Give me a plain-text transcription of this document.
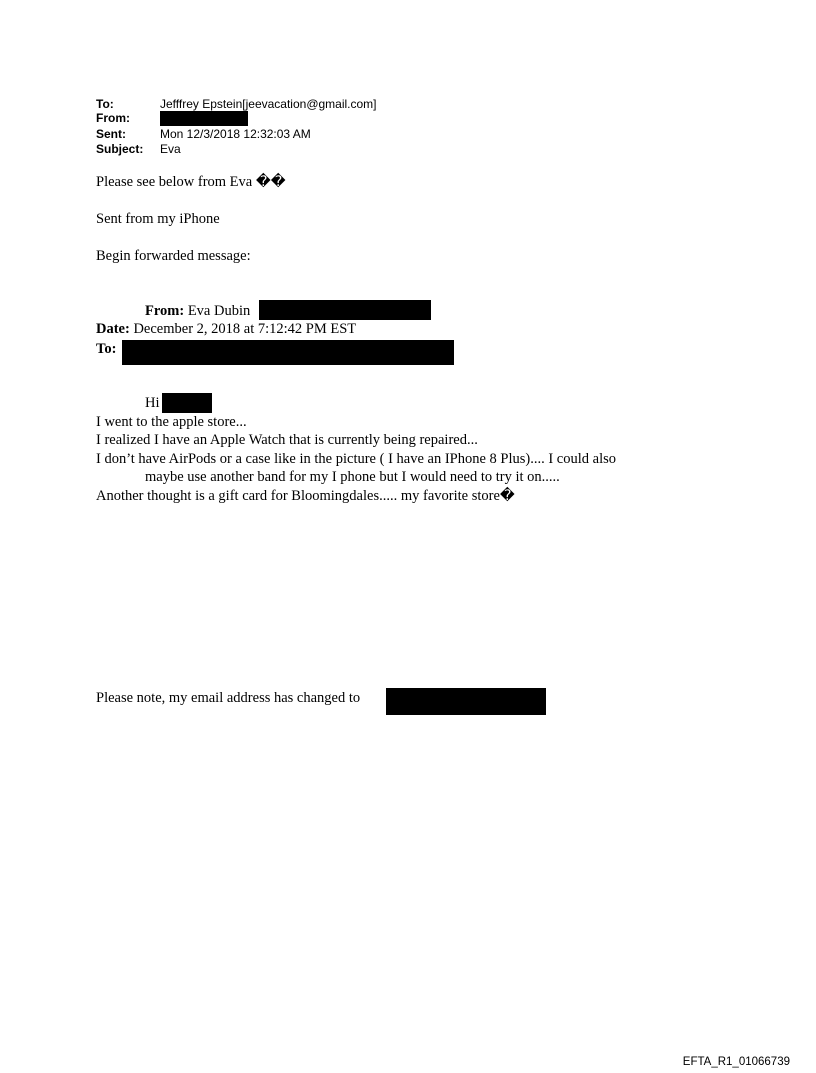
To:	Jefffrey Epstein[jeevacation@gmail.com]
From:
Sent:	Mon 12/3/2018 12:32:03 AM
Subject: Eva
Please see below from Eva ��
Sent from my iPhone
Begin forwarded message:
From: Eva Dubin
Date: December 2, 2018 at 7:12:42 PM EST
To:
Hi
I went to the apple store...
I realized I have an Apple Watch that is currently being repaired...
I don’t have AirPods or a case like in the picture ( I have an IPhone 8 Plus).... I could also
maybe use another band for my I phone but I would need to try it on.....
Another thought is a gift card for Bloomingdales..... my favorite store�
Please note, my email address has changed to
EFTA_R1_01066739
